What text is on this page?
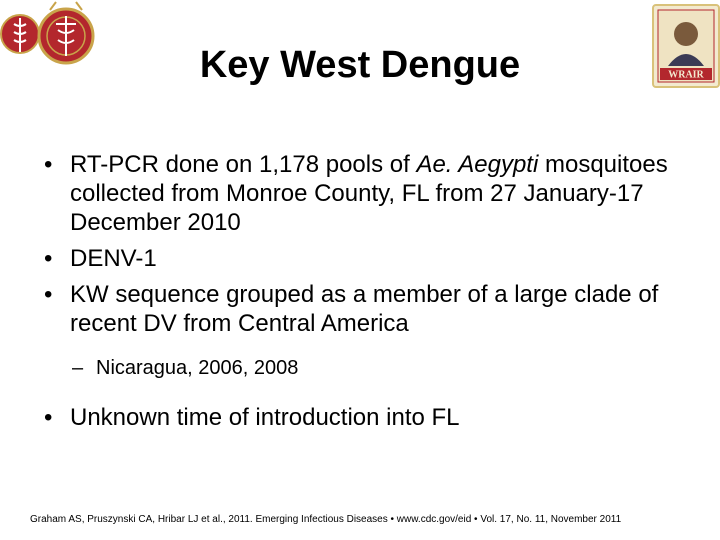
WRAIR
Key West Dengue
• RT-PCR done on 1,178 pools of Ae. Aegypti mosquitoes collected from Monroe County, FL from 27 January-17 December 2010
• DENV-1
• KW sequence grouped as a member of a large clade of recent DV from Central America
– Nicaragua, 2006, 2008
• Unknown time of introduction into FL
Graham AS, Pruszynski CA, Hribar LJ et al., 2011. Emerging Infectious Diseases • www.cdc.gov/eid • Vol. 17, No. 11, November 2011
